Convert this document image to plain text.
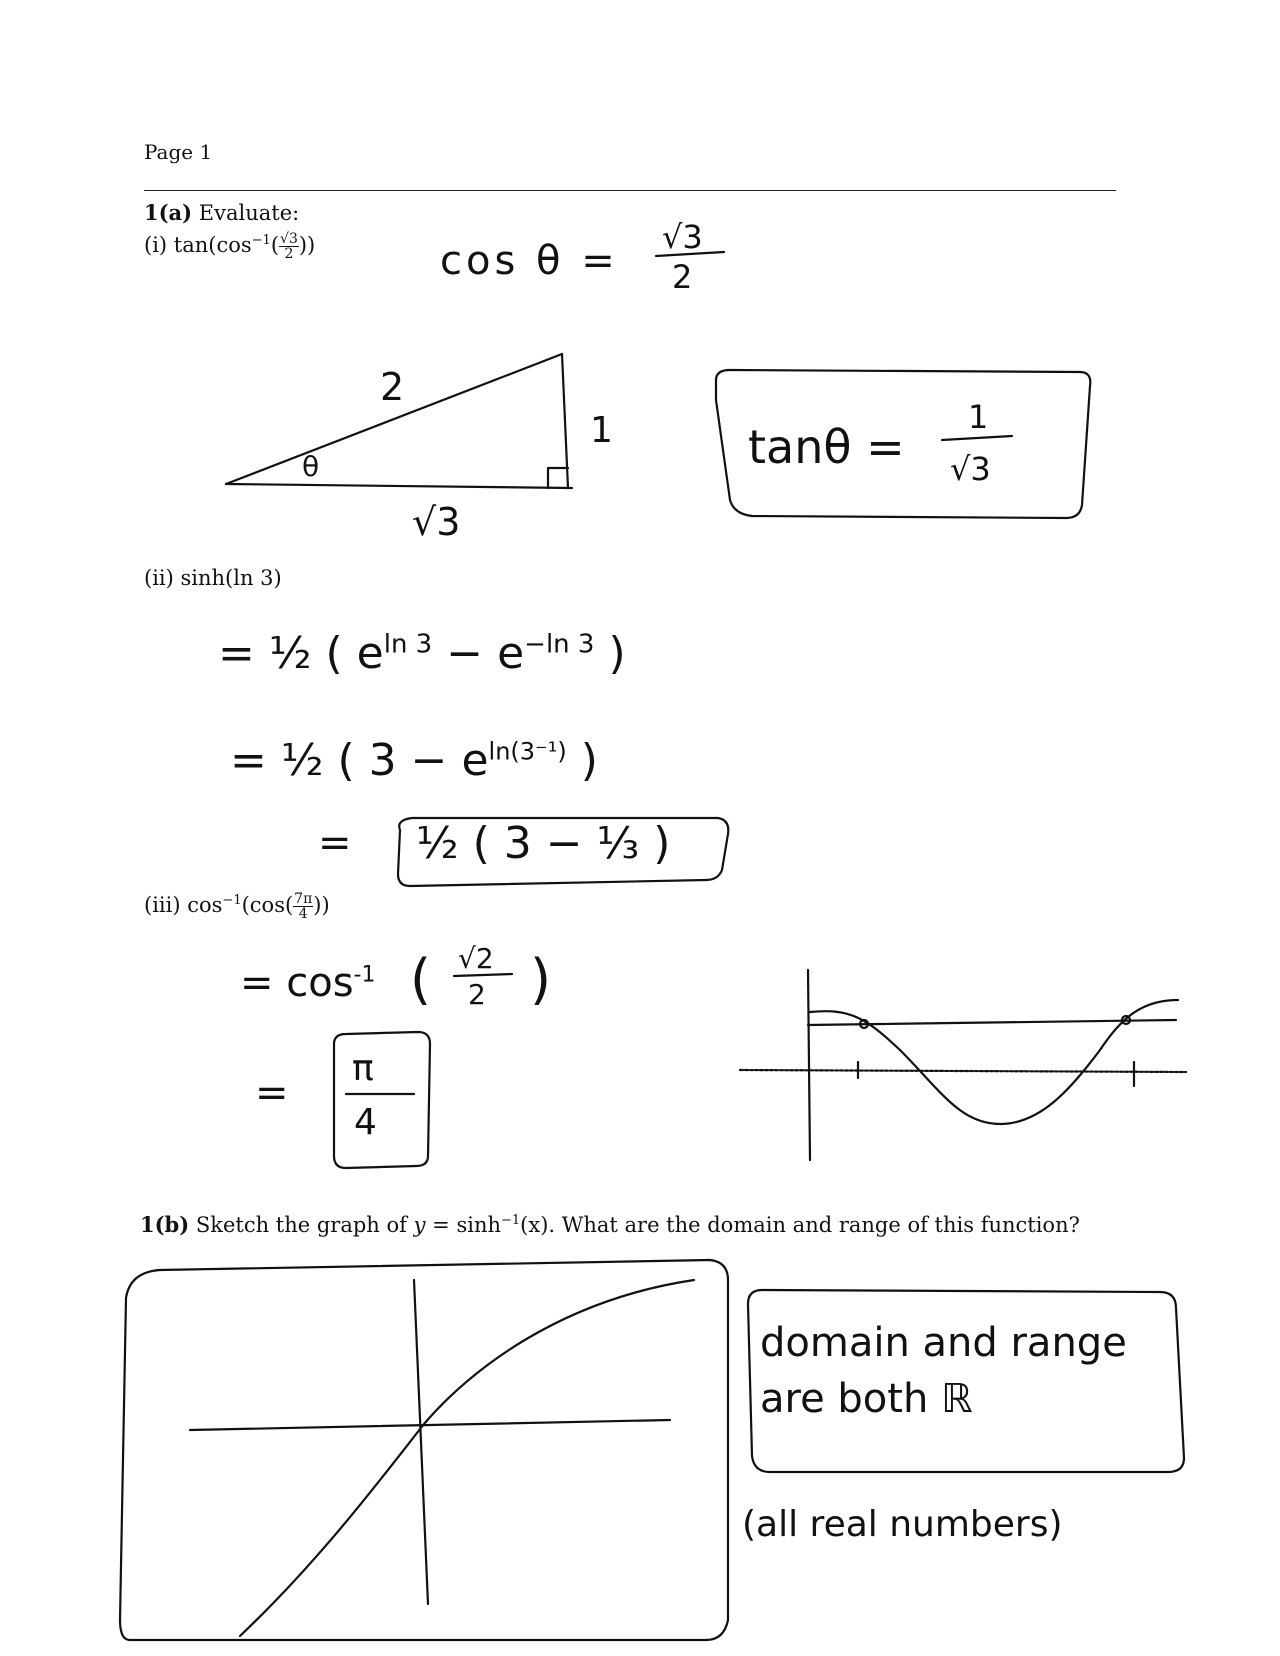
Page 1
1(a) Evaluate:
(i) $\tan(\cos^{-1}( \frac{√3}{2}$ ))	cos θ =
√3
2
2
1
√3
θ	tanθ =
1
√3
(ii) sinh(ln 3)
= ½ ( $e^{ln 3} - e^{-ln 3}$ )
= ½ ( $3 - e^{ln(3^{-1})}$ )
= ½ ( 3 − ⅓ )
(iii) $\cos^{-1}(\cos( \frac{7\pi}{4}$ ))
= $\cos^{-1}$ ( √2
2 )
=
π
4
1(b) Sketch the graph of $y = \sinh^{-1}(x)$. What are the domain and range of this function?
domain and range
are both ℝ
(all real numbers)
